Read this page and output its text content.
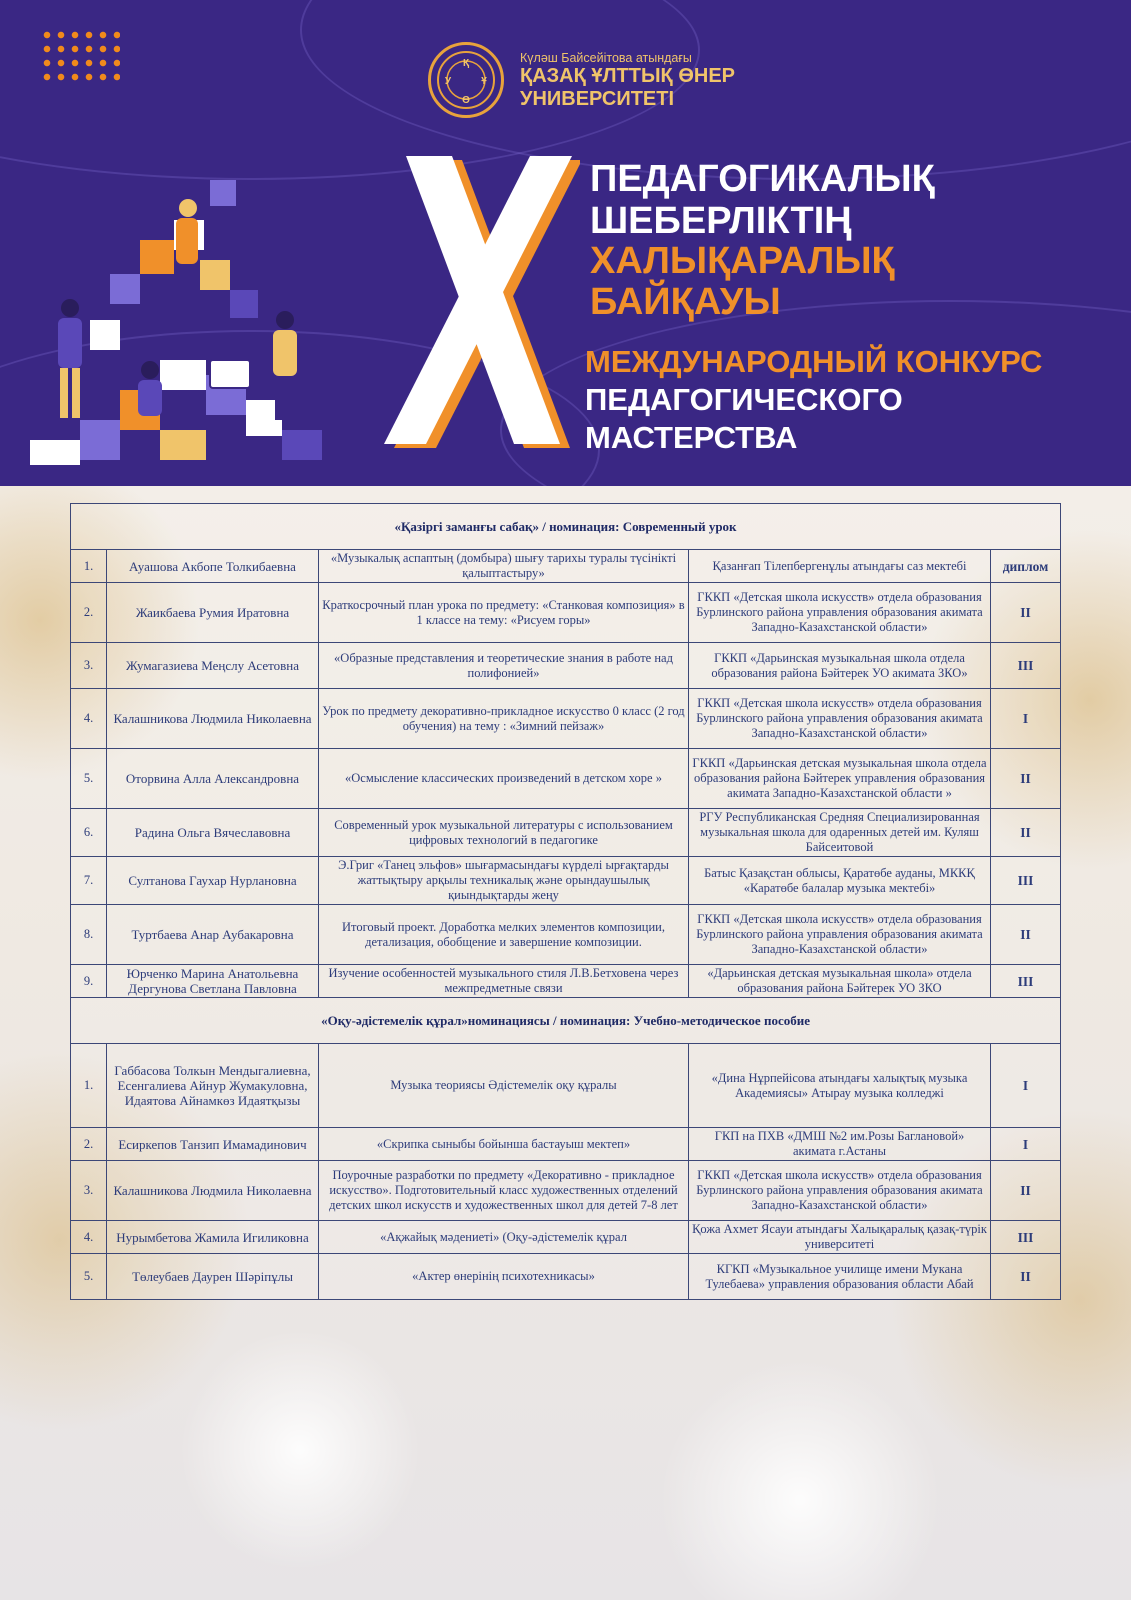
Қ
Ұ
Ө
У
Күләш Байсейітова атындағы
ҚАЗАҚ ҰЛТТЫҚ ӨНЕР
УНИВЕРСИТЕТІ
ПЕДАГОГИКАЛЫҚ
ШЕБЕРЛІКТІҢ
ХАЛЫҚАРАЛЫҚ
БАЙҚАУЫ
МЕЖДУНАРОДНЫЙ КОНКУРС
ПЕДАГОГИЧЕСКОГО
МАСТЕРСТВА
«Қазіргі заманғы сабақ» / номинация: Современный урок				
1.	Ауашова Акбопе Толкибаевна	«Музыкалық аспаптың (домбыра) шығу тарихы туралы түсінікті қалыптастыру»	Қазанғап Тілепбергенұлы атындағы саз мектебі	диплом
2.	Жаикбаева Румия Иратовна	Краткосрочный план урока по предмету: «Станковая композиция» в 1 классе на тему: «Рисуем горы»	ГККП «Детская школа искусств» отдела образования Бурлинского района управления образования акимата Западно-Казахстанской области»	II
3.	Жумагазиева Меңслу Асетовна	«Образные представления и теоретические знания в работе над полифонией»	ГККП «Дарьинская музыкальная школа отдела образования района Бәйтерек УО акимата ЗКО»	III
4.	Калашникова Людмила Николаевна	Урок по предмету декоративно-прикладное искусство 0 класс (2 год обучения) на тему : «Зимний пейзаж»	ГККП «Детская школа искусств» отдела образования Бурлинского района управления образования акимата Западно-Казахстанской области»	I
5.	Оторвина Алла Александровна	«Осмысление классических произведений в детском хоре »	ГККП «Дарьинская детская музыкальная школа отдела образования района Бәйтерек управления образования акимата Западно-Казахстанской области »	II
6.	Радина Ольга Вячеславовна	Современный урок музыкальной литературы с использованием цифровых технологий в педагогике	РГУ Республиканская Средняя Специализированная музыкальная школа для одаренных детей им. Куляш Байсеитовой	II
7.	Султанова Гаухар Нурлановна	Э.Григ «Танец эльфов» шығармасындағы күрделі ырғақтарды жаттықтыру арқылы техникалық және орындаушылық қиындықтарды жеңу	Батыс Қазақстан облысы, Қаратөбе ауданы, МККҚ «Каратөбе балалар музыка мектебі»	III
8.	Туртбаева Анар Аубакаровна	Итоговый проект. Доработка мелких элементов композиции, детализация, обобщение и завершение композиции.	ГККП «Детская школа искусств» отдела образования Бурлинского района управления образования акимата Западно-Казахстанской области»	II
9.	Юрченко Марина Анатольевна Дергунова Светлана Павловна	Изучение особенностей музыкального стиля Л.В.Бетховена через межпредметные связи	«Дарьинская детская музыкальная школа» отдела образования района Бәйтерек УО ЗКО	III
«Оқу-әдістемелік құрал»номинациясы / номинация: Учебно-методическое пособие				
1.	Габбасова Толкын Мендыгалиевна, Есенгалиева Айнур Жумакуловна, Идаятова Айнамкөз Идаятқызы	Музыка теориясы Әдістемелік оқу құралы	«Дина Нұрпейісова атындағы халықтық музыка Академиясы» Атырау музыка колледжі	I
2.	Есиркепов Танзип Имамадинович	«Скрипка сыныбы бойынша бастауыш мектеп»	ГКП на ПХВ «ДМШ №2 им.Розы Баглановой» акимата г.Астаны	I
3.	Калашникова Людмила Николаевна	Поурочные разработки по предмету «Декоративно - прикладное искусство». Подготовительный класс художественных отделений детских школ искусств и художественных школ для детей 7-8 лет	ГККП «Детская школа искусств» отдела образования Бурлинского района управления образования акимата Западно-Казахстанской области»	II
4.	Нурымбетова Жамила Игиликовна	«Ақжайық мәдениеті» (Оқу-әдістемелік құрал	Қожа Ахмет Ясауи атындағы Халықаралық қазақ-түрік университеті	III
5.	Төлеубаев Даурен Шәріпұлы	«Актер өнерінің психотехникасы»	КГКП «Музыкальное училище имени Мукана Тулебаева» управления образования области Абай	II
